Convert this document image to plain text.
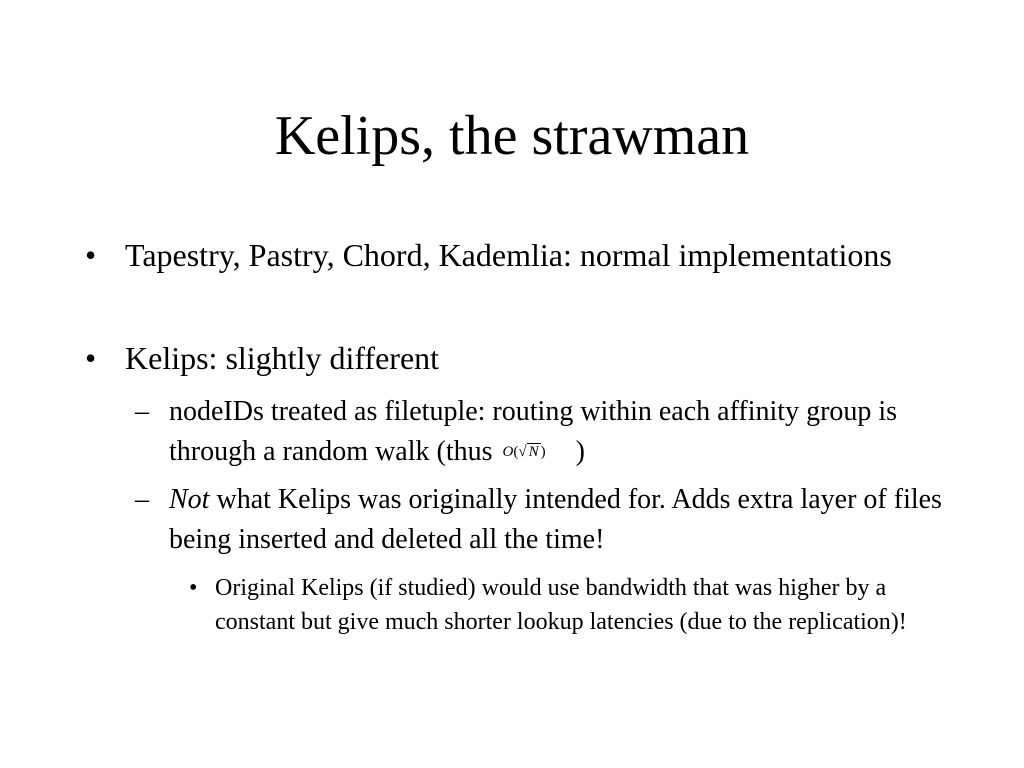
Kelips, the strawman
• Tapestry, Pastry, Chord, Kademlia: normal implementations
• Kelips: slightly different
– nodeIDs treated as filetuple: routing within each affinity group is through a random walk (thus O(√ N ) )
– Not what Kelips was originally intended for. Adds extra layer of files being inserted and deleted all the time!
• Original Kelips (if studied) would use bandwidth that was higher by a constant but give much shorter lookup latencies (due to the replication)!
